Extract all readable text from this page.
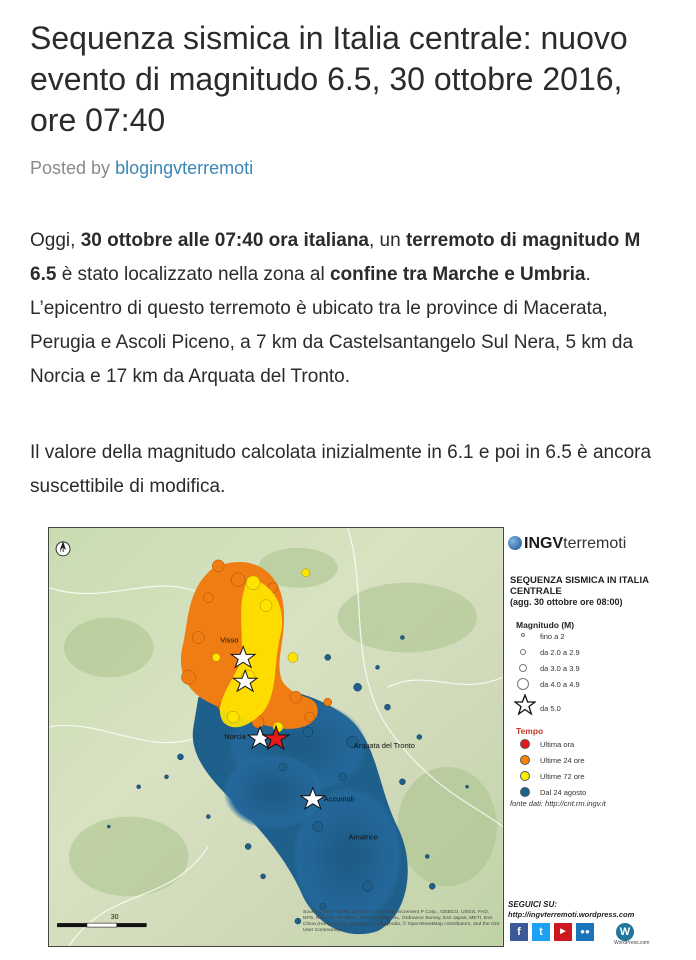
Sequenza sismica in Italia centrale: nuovo evento di magnitudo 6.5, 30 ottobre 2016, ore 07:40
Posted by blogingvterremoti

Oggi, 30 ottobre alle 07:40 ora italiana, un terremoto di magnitudo M 6.5 è stato localizzato nella zona al confine tra Marche e Umbria. L’epicentro di questo terremoto è ubicato tra le province di Macerata, Perugia e Ascoli Piceno, a 7 km da Castelsantangelo Sul Nera, 5 km da Norcia e 17 km da Arquata del Tronto.

Il valore della magnitudo calcolata inizialmente in 6.1 e poi in 6.5 è ancora suscettibile di modifica.

Visso
Norcia
Arquata del Tronto
Accumoli
Amatrice
N
30
Sources: Esri, HERE, DeLorme, Intermap, increment P Corp., GEBCO, USGS, FAO, NPS, NRCAN, GeoBase, IGN, Kadaster NL, Ordnance Survey, Esri Japan, METI, Esri China (Hong Kong), swisstopo, MapmyIndia, © OpenStreetMap contributors, and the GIS User Community
INGVterremoti
SEQUENZA SISMICA IN ITALIA CENTRALE
(agg. 30 ottobre ore 08:00)
Magnitudo (M)
fino a 2
da 2.0 a 2.9
da 3.0 a 3.9
da 4.0 a 4.9
da 5.0
Tempo
Ultima ora
Ultime 24 ore
Ultime 72 ore
Dal 24 agosto
fonte dati: http://cnt.rm.ingv.it
SEGUICI SU:
http://ingvterremoti.wordpress.com
f	t	▶	●●	W
WordPress.com
